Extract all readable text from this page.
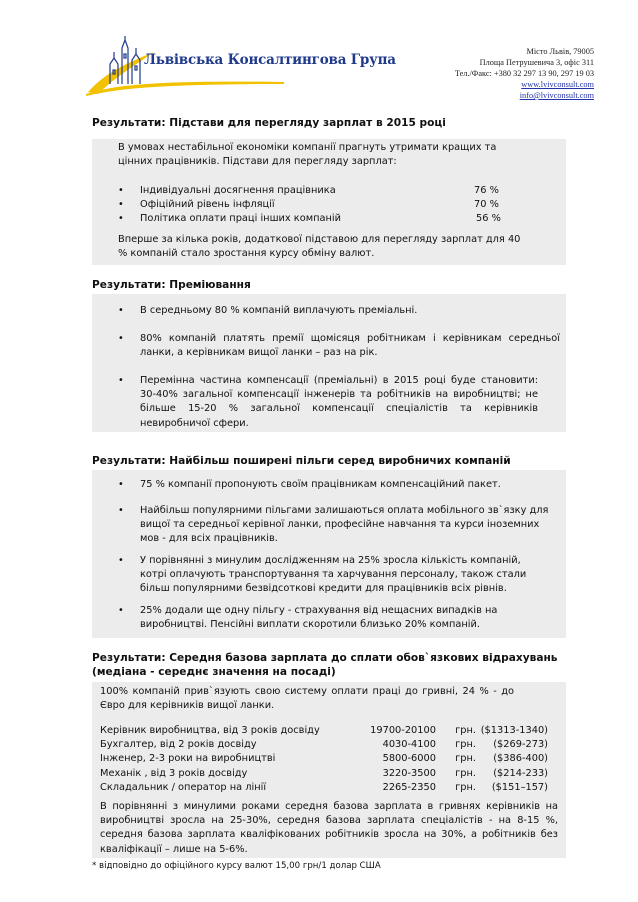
Львівська Консалтингова Група
Місто Львів, 79005
Площа Петрушевича 3, офіс 311
Тел./Факс: +380 32 297 13 90, 297 19 03
www.lvivconsult.com
info@lvivconsult.com
Результати: Підстави для перегляду зарплат в 2015 році

В умовах нестабільної економіки компанії прагнуть утримати кращих та цінних працівників. Підстави для перегляду зарплат:

•	Індивідуальні досягнення працівника	76 %
•	Офіційний рівень інфляції	70 %
•	Політика оплати праці інших компаній	56 %

Вперше за кілька років, додаткової підставою для перегляду зарплат для 40 % компаній стало зростання курсу обміну валют.

Результати: Преміювання
•	В середньому 80 % компаній виплачують преміальні.
•	80% компаній платять премії щомісяця робітникам і керівникам середньої ланки, а керівникам вищої ланки – раз на рік.
•	Перемінна частина компенсації (преміальні) в 2015 році буде становити: 30-40% загальної компенсації інженерів та робітників на виробництві; не більше 15-20 % загальної компенсації спеціалістів та керівників невиробничої сфери.
Результати: Найбільш поширені пільги серед виробничих компаній
•	75 % компанії пропонують своїм працівникам компенсаційний пакет.
•	Найбільш популярними пільгами залишаються оплата мобільного зв`язку для вищої та середньої керівної ланки, професійне навчання та курси іноземних мов - для всіх працівників.
•	У порівнянні з минулим дослідженням на 25% зросла кількість компаній, котрі оплачують транспортування та харчування персоналу, також стали більш популярними безвідсоткові кредити для працівників всіх рівнів.
•	25% додали ще одну пільгу - страхування від нещасних випадків на виробництві. Пенсійні виплати скоротили близько 20% компаній.
Результати: Середня базова зарплата до сплати обов`язкових відрахувань
(медіана - середнє значення на посаді)

100% компаній прив`язують свою систему оплати праці до гривні, 24 % - до Євро для керівників вищої ланки.

Керівник виробництва, від 3 років досвіду	19700-20100	грн. ($1313-1340)
Бухгалтер, від 2 років досвіду	4030-4100	грн.	($269-273)
Інженер, 2-3 роки на виробництві	5800-6000	грн.	($386-400)
Механік , від 3 років досвіду	3220-3500	грн.	($214-233)
Складальник / оператор на лінії	2265-2350	грн.	($151–157)

В порівнянні з минулими роками середня базова зарплата в гривнях керівників на виробництві зросла на 25-30%, середня базова зарплата спеціалістів - на 8-15 %, середня базова зарплата кваліфікованих робітників зросла на 30%, а робітників без кваліфікації – лише на 5-6%.

* відповідно до офіційного курсу валют 15,00 грн/1 долар США
